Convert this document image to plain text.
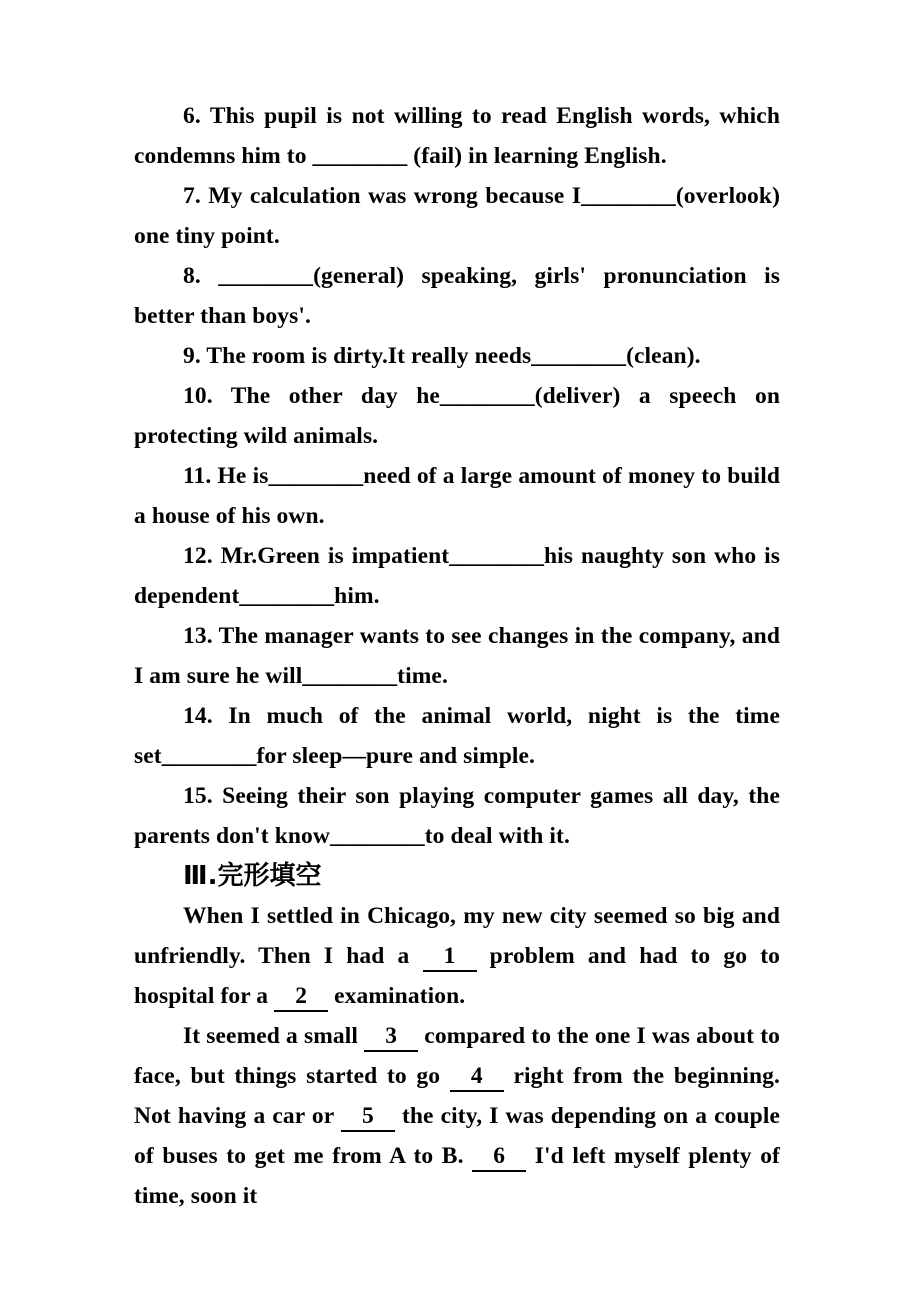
6. This pupil is not willing to read English words, which condemns him to ________ (fail) in learning English.

7. My calculation was wrong because I________(overlook) one tiny point.

8. ________(general) speaking, girls' pronunciation is better than boys'.

9. The room is dirty.It really needs________(clean).

10. The other day he________(deliver) a speech on protecting wild animals.

11. He is________need of a large amount of money to build a house of his own.

12. Mr.Green is impatient________his naughty son who is dependent________him.

13. The manager wants to see changes in the company, and I am sure he will________time.

14. In much of the animal world, night is the time set________for sleep—pure and simple.

15. Seeing their son playing computer games all day, the parents don't know________to deal with it.

Ⅲ.完形填空

When I settled in Chicago, my new city seemed so big and unfriendly. Then I had a 1 problem and had to go to hospital for a 2 examination.

It seemed a small 3 compared to the one I was about to face, but things started to go 4 right from the beginning. Not having a car or 5 the city, I was depending on a couple of buses to get me from A to B. 6 I'd left myself plenty of time, soon it
